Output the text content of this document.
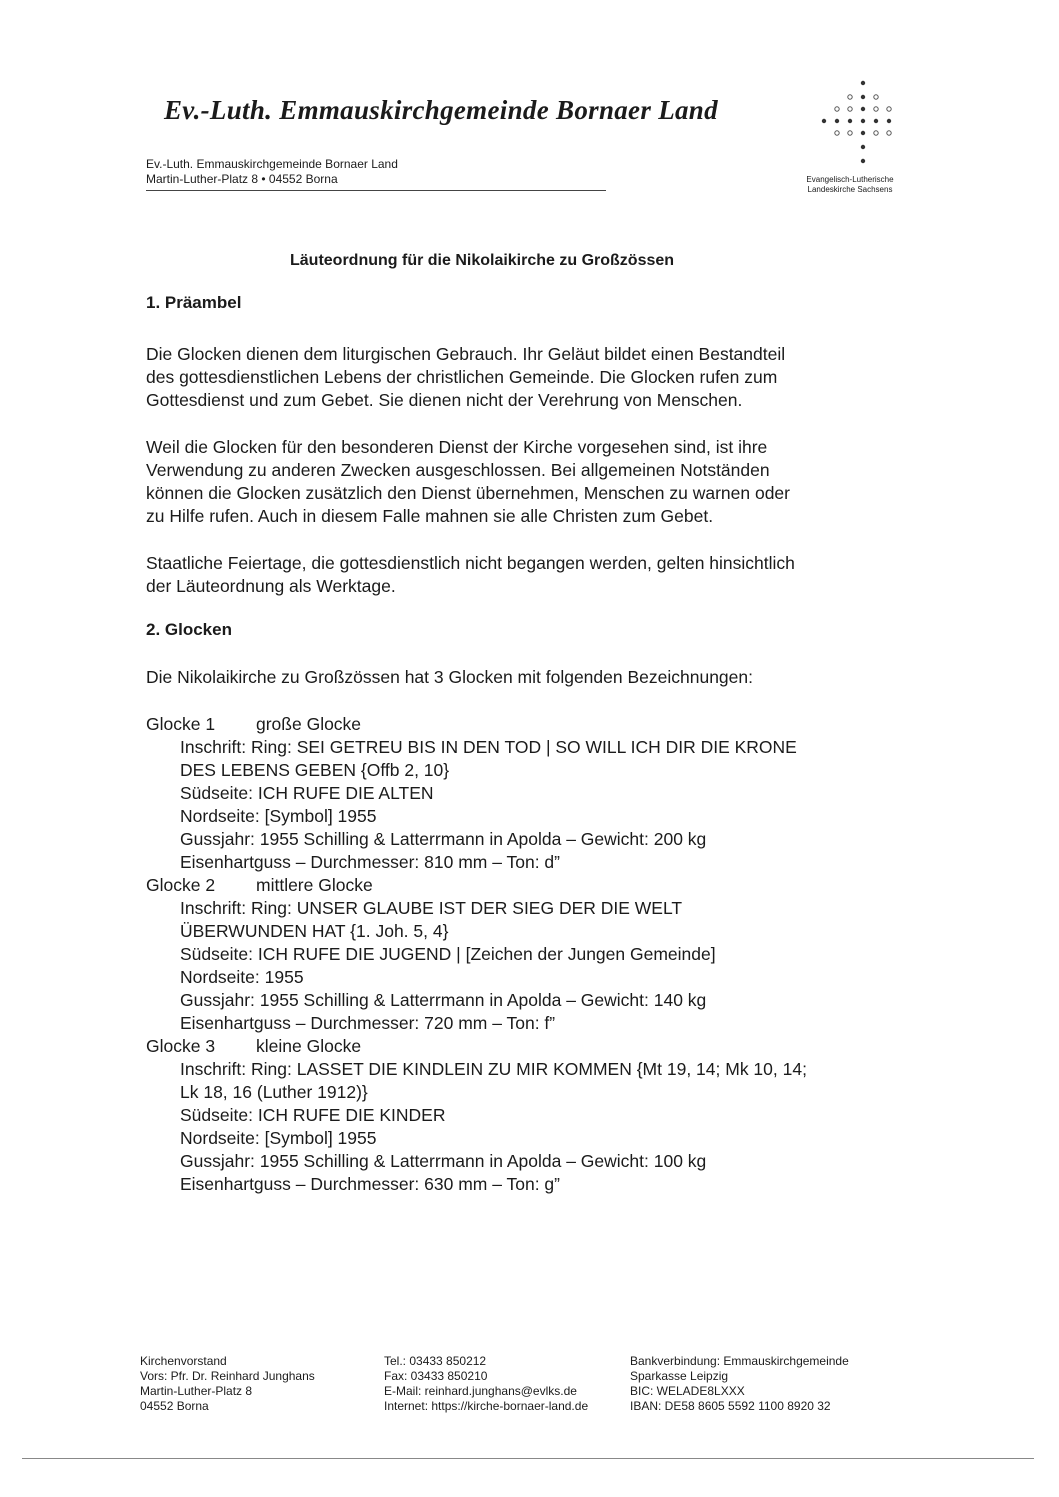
Ev.-Luth. Emmauskirchgemeinde Bornaer Land
Ev.-Luth. Emmauskirchgemeinde Bornaer Land
Martin-Luther-Platz 8 • 04552 Borna	Evangelisch-Lutherische
Landeskirche Sachsens
Läuteordnung für die Nikolaikirche zu Großzössen
1. Präambel
Die Glocken dienen dem liturgischen Gebrauch. Ihr Geläut bildet einen Bestandteil
des gottesdienstlichen Lebens der christlichen Gemeinde. Die Glocken rufen zum
Gottesdienst und zum Gebet. Sie dienen nicht der Verehrung von Menschen.
Weil die Glocken für den besonderen Dienst der Kirche vorgesehen sind, ist ihre
Verwendung zu anderen Zwecken ausgeschlossen. Bei allgemeinen Notständen
können die Glocken zusätzlich den Dienst übernehmen, Menschen zu warnen oder
zu Hilfe rufen. Auch in diesem Falle mahnen sie alle Christen zum Gebet.
Staatliche Feiertage, die gottesdienstlich nicht begangen werden, gelten hinsichtlich
der Läuteordnung als Werktage.
2. Glocken
Die Nikolaikirche zu Großzössen hat 3 Glocken mit folgenden Bezeichnungen:
Glocke 1 große Glocke
Inschrift: Ring: SEI GETREU BIS IN DEN TOD | SO WILL ICH DIR DIE KRONE
DES LEBENS GEBEN {Offb 2, 10}
Südseite: ICH RUFE DIE ALTEN
Nordseite: [Symbol] 1955
Gussjahr: 1955 Schilling & Latterrmann in Apolda – Gewicht: 200 kg
Eisenhartguss – Durchmesser: 810 mm – Ton: d”
Glocke 2 mittlere Glocke
Inschrift: Ring: UNSER GLAUBE IST DER SIEG DER DIE WELT
ÜBERWUNDEN HAT {1. Joh. 5, 4}
Südseite: ICH RUFE DIE JUGEND | [Zeichen der Jungen Gemeinde]
Nordseite: 1955
Gussjahr: 1955 Schilling & Latterrmann in Apolda – Gewicht: 140 kg
Eisenhartguss – Durchmesser: 720 mm – Ton: f”
Glocke 3 kleine Glocke
Inschrift: Ring: LASSET DIE KINDLEIN ZU MIR KOMMEN {Mt 19, 14; Mk 10, 14;
Lk 18, 16 (Luther 1912)}
Südseite: ICH RUFE DIE KINDER
Nordseite: [Symbol] 1955
Gussjahr: 1955 Schilling & Latterrmann in Apolda – Gewicht: 100 kg
Eisenhartguss – Durchmesser: 630 mm – Ton: g”
Kirchenvorstand
Vors: Pfr. Dr. Reinhard Junghans
Martin-Luther-Platz 8
04552 Borna
Tel.: 03433 850212
Fax: 03433 850210
E-Mail: reinhard.junghans@evlks.de
Internet: https://kirche-bornaer-land.de
Bankverbindung: Emmauskirchgemeinde
Sparkasse Leipzig
BIC: WELADE8LXXX
IBAN: DE58 8605 5592 1100 8920 32
